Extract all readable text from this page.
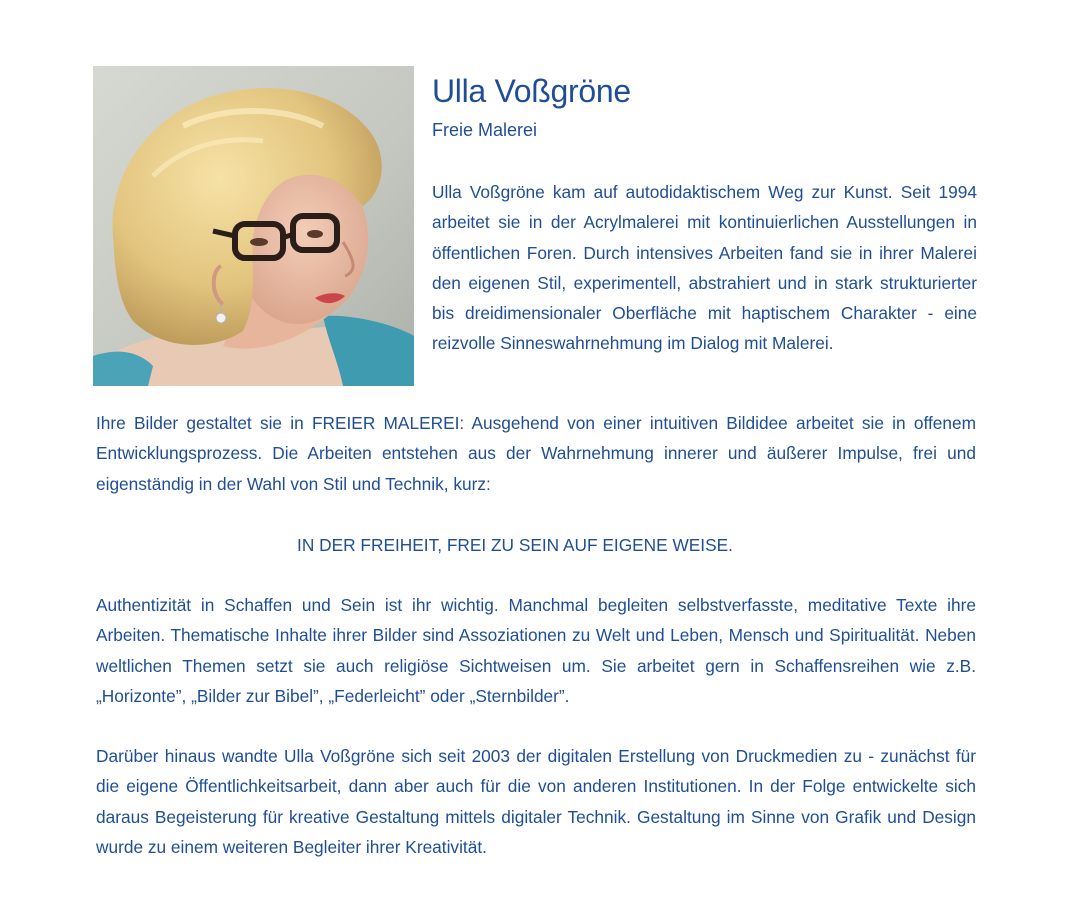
Ulla Voßgröne

Freie Malerei

Ulla Voßgröne kam auf autodidaktischem Weg zur Kunst. Seit 1994 arbeitet sie in der Acrylmalerei mit kontinuierlichen Ausstellungen in öffentlichen Foren. Durch intensives Arbeiten fand sie in ihrer Malerei den eigenen Stil, experimentell, abstrahiert und in stark strukturierter bis dreidimensionaler Oberfläche mit haptischem Charakter - eine reizvolle Sinneswahrnehmung im Dialog mit Malerei.

Ihre Bilder gestaltet sie in FREIER MALEREI: Ausgehend von einer intuitiven Bildidee arbeitet sie in offenem Entwicklungsprozess. Die Arbeiten entstehen aus der Wahrnehmung innerer und äußerer Impulse, frei und eigenständig in der Wahl von Stil und Technik, kurz:

IN DER FREIHEIT, FREI ZU SEIN AUF EIGENE WEISE.

Authentizität in Schaffen und Sein ist ihr wichtig. Manchmal begleiten selbstverfasste, meditative Texte ihre Arbeiten. Thematische Inhalte ihrer Bilder sind Assoziationen zu Welt und Leben, Mensch und Spiritualität. Neben weltlichen Themen setzt sie auch religiöse Sichtweisen um. Sie arbeitet gern in Schaffensreihen wie z.B. „Horizonte”, „Bilder zur Bibel”, „Federleicht” oder „Sternbilder”.

Darüber hinaus wandte Ulla Voßgröne sich seit 2003 der digitalen Erstellung von Druckmedien zu - zunächst für die eigene Öffentlichkeitsarbeit, dann aber auch für die von anderen Institutionen. In der Folge entwickelte sich daraus Begeisterung für kreative Gestaltung mittels digitaler Technik. Gestaltung im Sinne von Grafik und Design wurde zu einem weiteren Begleiter ihrer Kreativität.
